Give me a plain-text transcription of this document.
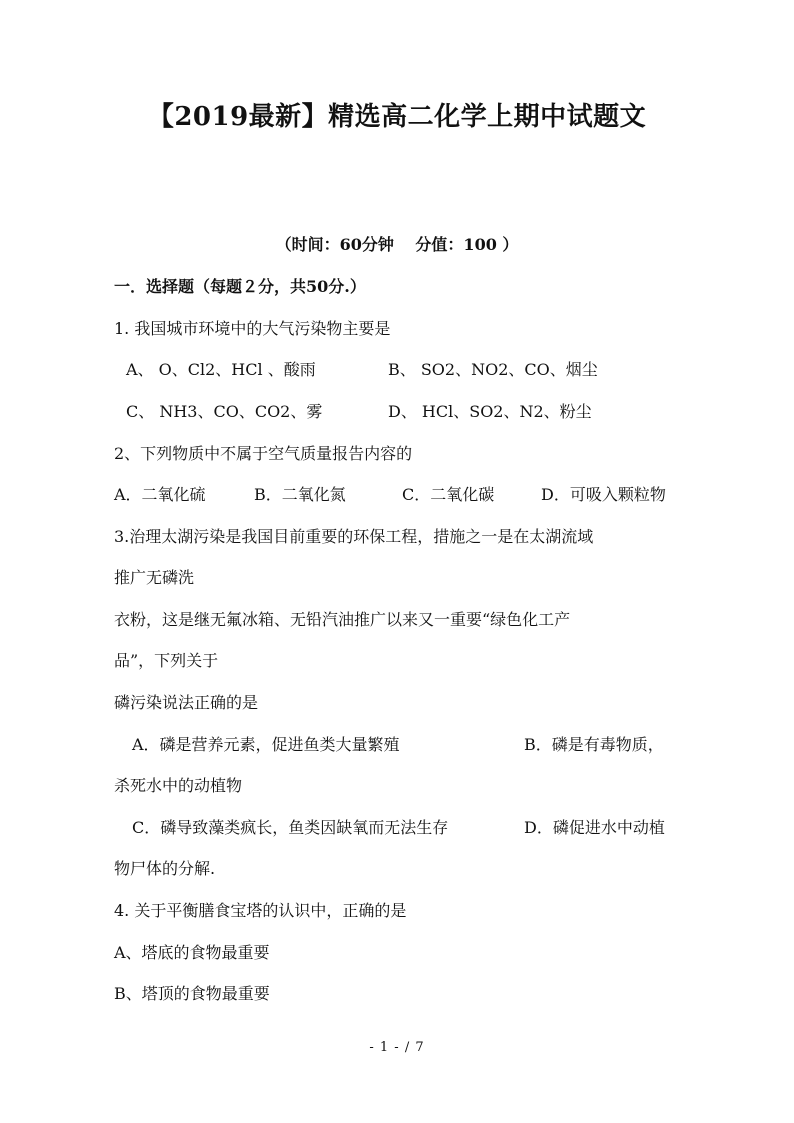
【2019最新】精选高二化学上期中试题文
（时间：60分钟　 分值：100 ）
一．选择题（每题２分，共50分.）
1. 我国城市环境中的大气污染物主要是
A、 O、Cl2、HCl 、酸雨	B、 SO2、NO2、CO、烟尘
C、 NH3、CO、CO2、雾	D、 HCl、SO2、N2、粉尘
2、下列物质中不属于空气质量报告内容的
A．二氧化硫	B．二氧化氮	C．二氧化碳	D．可吸入颗粒物
3.治理太湖污染是我国目前重要的环保工程，措施之一是在太湖流域
推广无磷洗
衣粉，这是继无氟冰箱、无铅汽油推广以来又一重要“绿色化工产
品”，下列关于
磷污染说法正确的是
A．磷是营养元素，促进鱼类大量繁殖	B．磷是有毒物质，
杀死水中的动植物
C．磷导致藻类疯长，鱼类因缺氧而无法生存	D．磷促进水中动植
物尸体的分解.
4. 关于平衡膳食宝塔的认识中，正确的是
A、塔底的食物最重要
B、塔顶的食物最重要
- 1 - / 7
